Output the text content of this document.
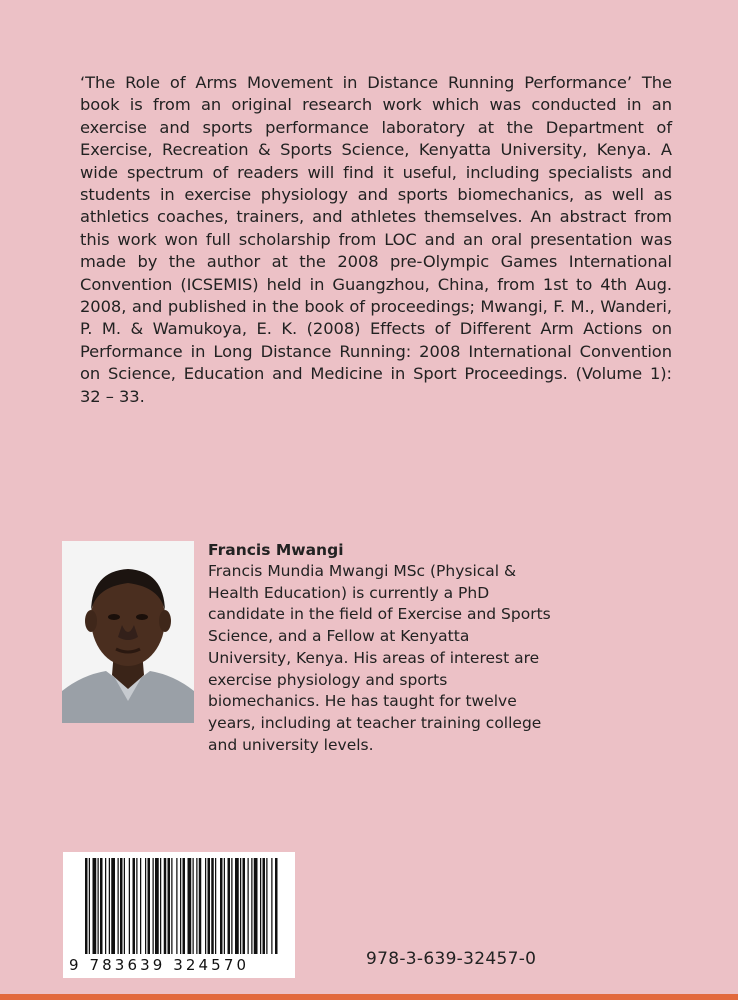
‘The Role of Arms Movement in Distance Running Performance’ The book is from an original research work which was conducted in an exercise and sports performance laboratory at the Department of Exercise, Recreation & Sports Science, Kenyatta University, Kenya. A wide spectrum of readers will find it useful, including specialists and students in exercise physiology and sports biomechanics, as well as athletics coaches, trainers, and athletes themselves. An abstract from this work won full scholarship from LOC and an oral presentation was made by the author at the 2008 pre-Olympic Games International Convention (ICSEMIS) held in Guangzhou, China, from 1st to 4th Aug. 2008, and published in the book of proceedings; Mwangi, F. M., Wanderi, P. M. & Wamukoya, E. K. (2008) Effects of Different Arm Actions on Performance in Long Distance Running: 2008 International Convention on Science, Education and Medicine in Sport Proceedings. (Volume 1): 32 – 33.

Francis Mwangi

Francis Mundia Mwangi MSc (Physical & Health Education) is currently a PhD candidate in the field of Exercise and Sports Science, and a Fellow at Kenyatta University, Kenya. His areas of interest are exercise physiology and sports biomechanics. He has taught for twelve years, including at teacher training college and university levels.

9 783639 324570	978-3-639-32457-0
